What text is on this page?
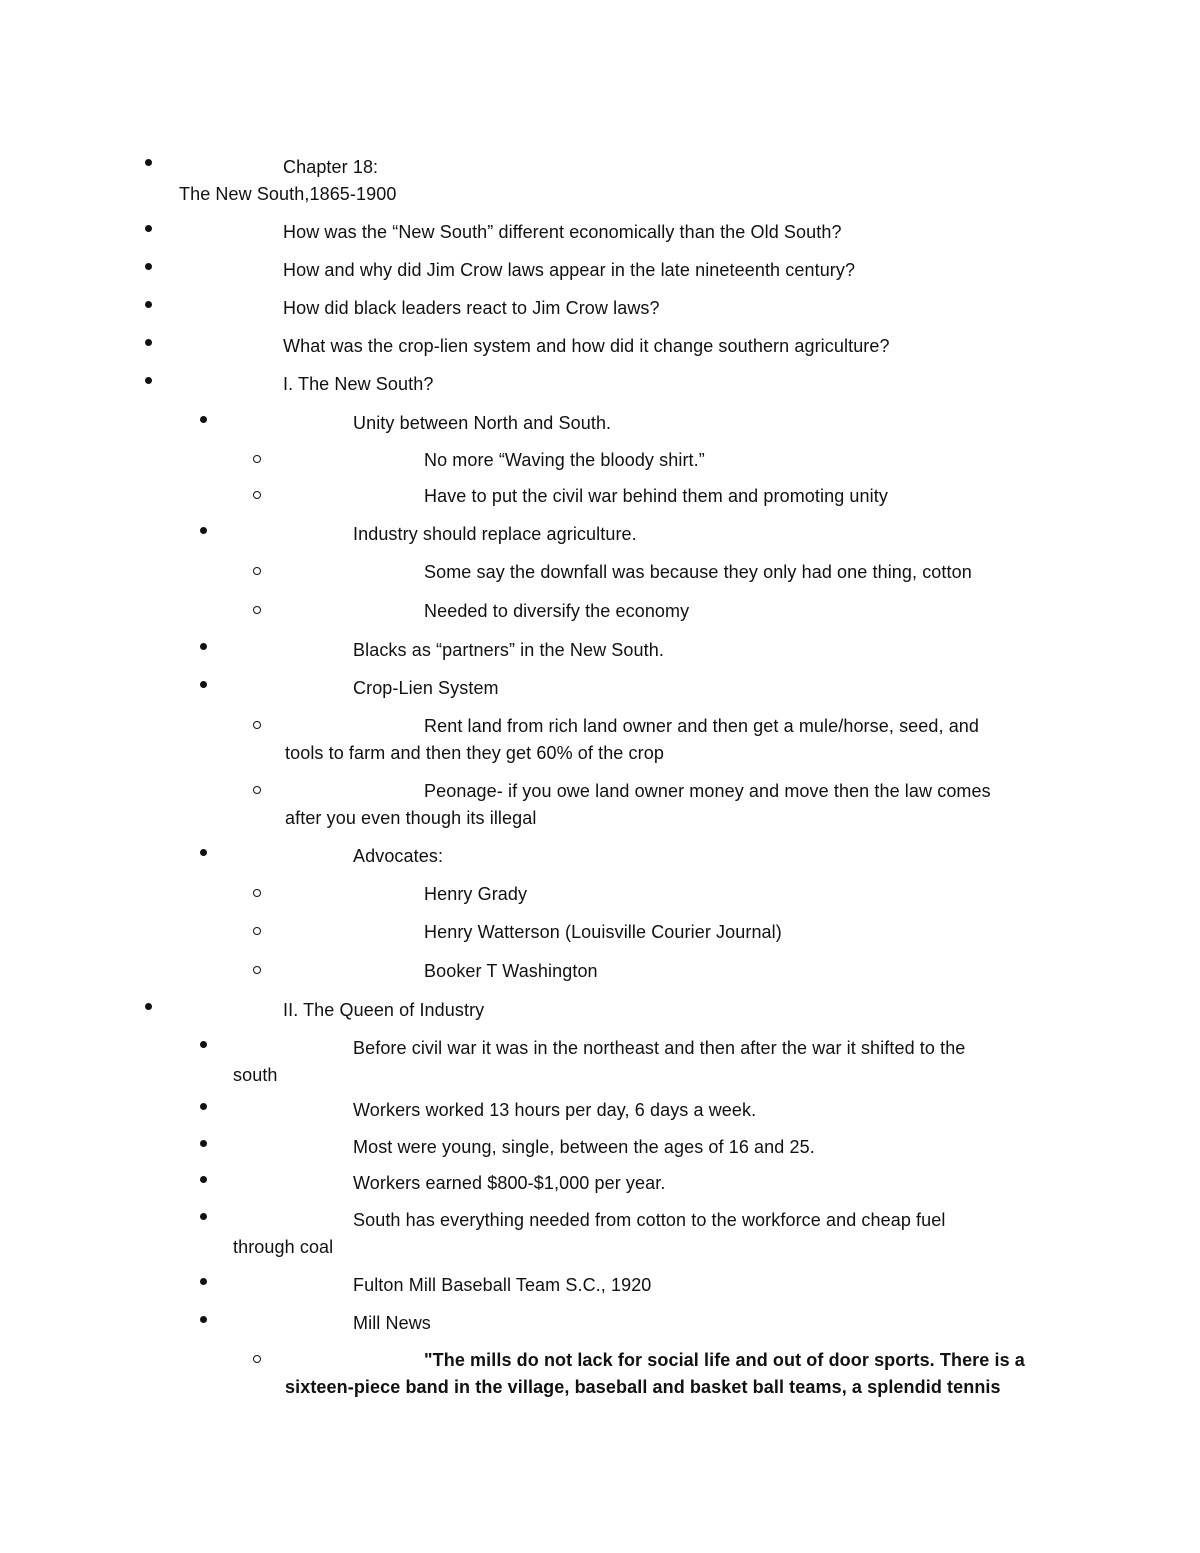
Chapter 18:
The New South,1865-1900
How was the “New South” different economically than the Old South?
How and why did Jim Crow laws appear in the late nineteenth century?
How did black leaders react to Jim Crow laws?
What was the crop-lien system and how did it change southern agriculture?
I. The New South?
Unity between North and South.
No more “Waving the bloody shirt.”
Have to put the civil war behind them and promoting unity
Industry should replace agriculture.
Some say the downfall was because they only had one thing, cotton
Needed to diversify the economy
Blacks as “partners” in the New South.
Crop-Lien System
Rent land from rich land owner and then get a mule/horse, seed, and
tools to farm and then they get 60% of the crop
Peonage- if you owe land owner money and move then the law comes
after you even though its illegal
Advocates:
Henry Grady
Henry Watterson (Louisville Courier Journal)
Booker T Washington
II. The Queen of Industry
Before civil war it was in the northeast and then after the war it shifted to the
south
Workers worked 13 hours per day, 6 days a week.
Most were young, single, between the ages of 16 and 25.
Workers earned $800-$1,000 per year.
South has everything needed from cotton to the workforce and cheap fuel
through coal
Fulton Mill Baseball Team S.C., 1920
Mill News
"The mills do not lack for social life and out of door sports. There is a
sixteen-piece band in the village, baseball and basket ball teams, a splendid tennis
